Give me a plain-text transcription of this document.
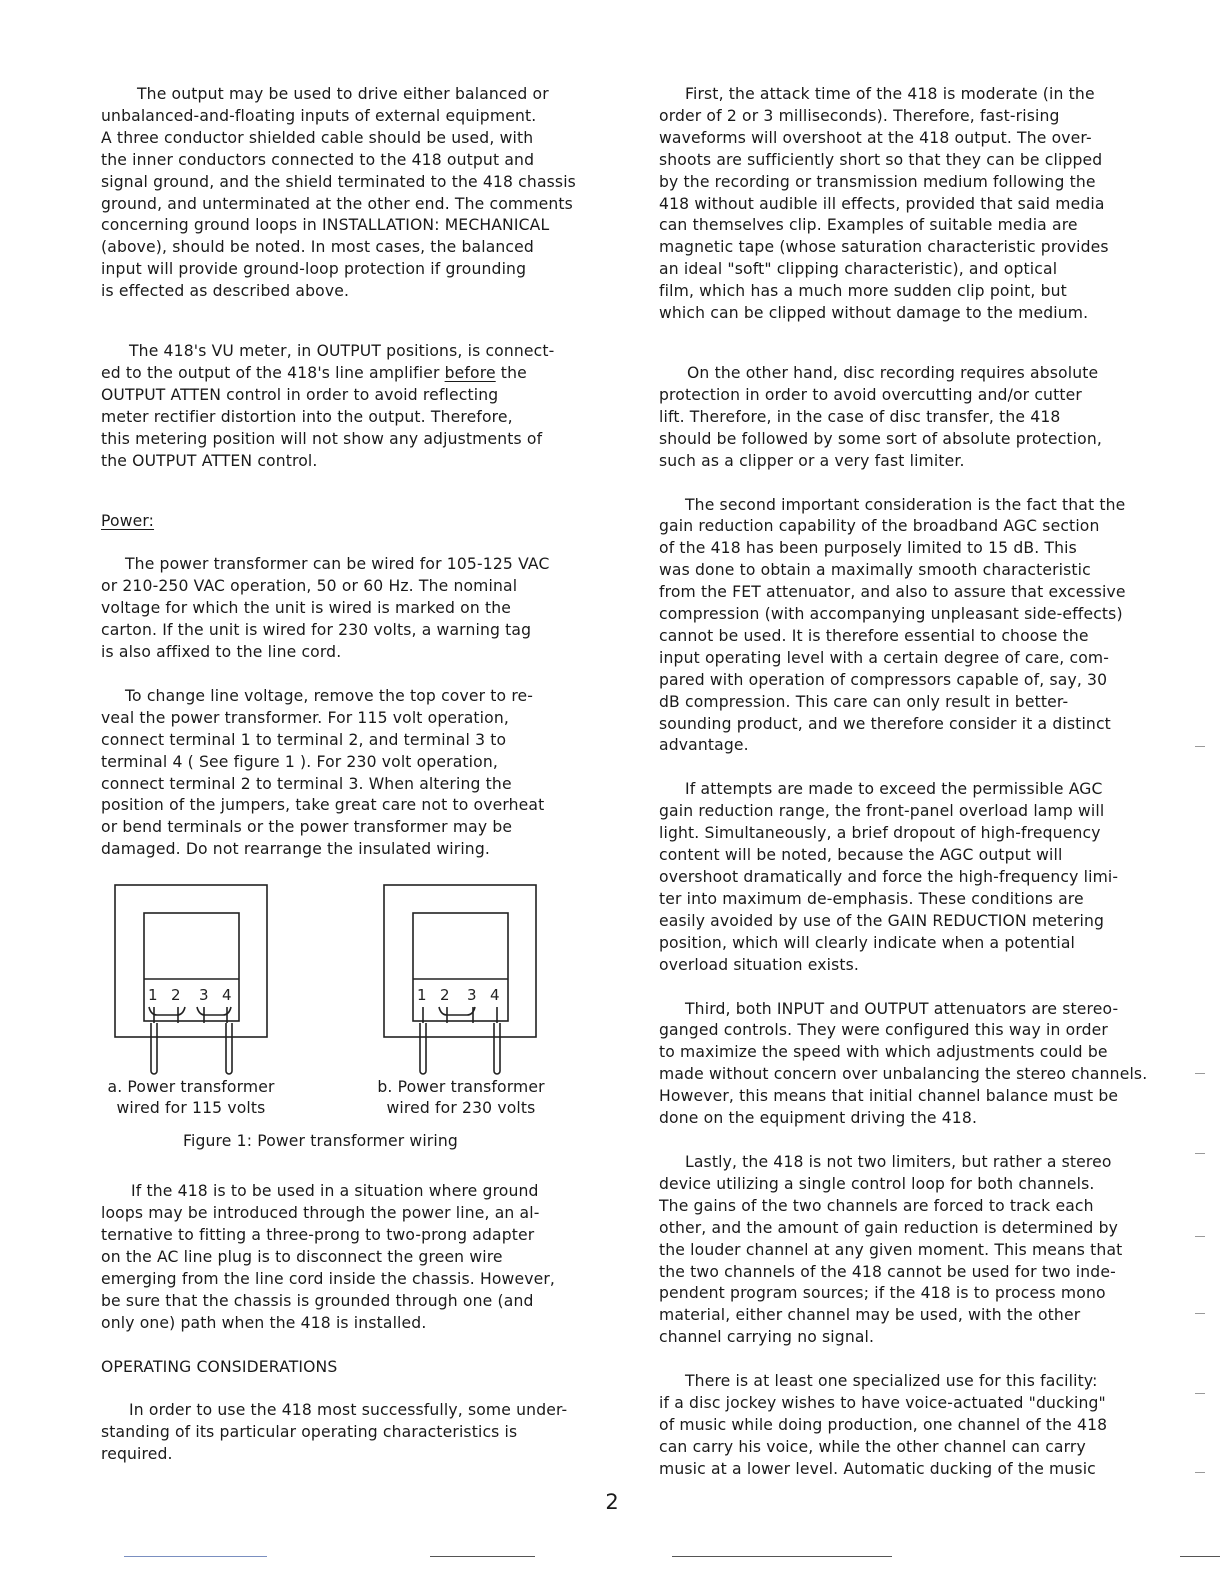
The output may be used to drive either balanced or
unbalanced-and-floating inputs of external equipment.
A three conductor shielded cable should be used, with
the inner conductors connected to the 418 output and
signal ground, and the shield terminated to the 418 chassis
ground, and unterminated at the other end. The comments
concerning ground loops in INSTALLATION: MECHANICAL
(above), should be noted. In most cases, the balanced
input will provide ground-loop protection if grounding
is effected as described above.

The 418's VU meter, in OUTPUT positions, is connect-
ed to the output of the 418's line amplifier before the
OUTPUT ATTEN control in order to avoid reflecting
meter rectifier distortion into the output. Therefore,
this metering position will not show any adjustments of
the OUTPUT ATTEN control.

Power:

The power transformer can be wired for 105-125 VAC
or 210-250 VAC operation, 50 or 60 Hz. The nominal
voltage for which the unit is wired is marked on the
carton. If the unit is wired for 230 volts, a warning tag
is also affixed to the line cord.

To change line voltage, remove the top cover to re-
veal the power transformer. For 115 volt operation,
connect terminal 1 to terminal 2, and terminal 3 to
terminal 4 ( See figure 1 ). For 230 volt operation,
connect terminal 2 to terminal 3. When altering the
position of the jumpers, take great care not to overheat
or bend terminals or the power transformer may be
damaged. Do not rearrange the insulated wiring.

1 2 3 4	1 2 3 4
a. Power transformer
wired for 115 volts
b. Power transformer
wired for 230 volts
Figure 1: Power transformer wiring

If the 418 is to be used in a situation where ground
loops may be introduced through the power line, an al-
ternative to fitting a three-prong to two-prong adapter
on the AC line plug is to disconnect the green wire
emerging from the line cord inside the chassis. However,
be sure that the chassis is grounded through one (and
only one) path when the 418 is installed.

OPERATING CONSIDERATIONS

In order to use the 418 most successfully, some under-
standing of its particular operating characteristics is
required.

First, the attack time of the 418 is moderate (in the
order of 2 or 3 milliseconds). Therefore, fast-rising
waveforms will overshoot at the 418 output. The over-
shoots are sufficiently short so that they can be clipped
by the recording or transmission medium following the
418 without audible ill effects, provided that said media
can themselves clip. Examples of suitable media are
magnetic tape (whose saturation characteristic provides
an ideal "soft" clipping characteristic), and optical
film, which has a much more sudden clip point, but
which can be clipped without damage to the medium.

On the other hand, disc recording requires absolute
protection in order to avoid overcutting and/or cutter
lift. Therefore, in the case of disc transfer, the 418
should be followed by some sort of absolute protection,
such as a clipper or a very fast limiter.

The second important consideration is the fact that the
gain reduction capability of the broadband AGC section
of the 418 has been purposely limited to 15 dB. This
was done to obtain a maximally smooth characteristic
from the FET attenuator, and also to assure that excessive
compression (with accompanying unpleasant side-effects)
cannot be used. It is therefore essential to choose the
input operating level with a certain degree of care, com-
pared with operation of compressors capable of, say, 30
dB compression. This care can only result in better-
sounding product, and we therefore consider it a distinct
advantage.

If attempts are made to exceed the permissible AGC
gain reduction range, the front-panel overload lamp will
light. Simultaneously, a brief dropout of high-frequency
content will be noted, because the AGC output will
overshoot dramatically and force the high-frequency limi-
ter into maximum de-emphasis. These conditions are
easily avoided by use of the GAIN REDUCTION metering
position, which will clearly indicate when a potential
overload situation exists.

Third, both INPUT and OUTPUT attenuators are stereo-
ganged controls. They were configured this way in order
to maximize the speed with which adjustments could be
made without concern over unbalancing the stereo channels.
However, this means that initial channel balance must be
done on the equipment driving the 418.

Lastly, the 418 is not two limiters, but rather a stereo
device utilizing a single control loop for both channels.
The gains of the two channels are forced to track each
other, and the amount of gain reduction is determined by
the louder channel at any given moment. This means that
the two channels of the 418 cannot be used for two inde-
pendent program sources; if the 418 is to process mono
material, either channel may be used, with the other
channel carrying no signal.

There is at least one specialized use for this facility:
if a disc jockey wishes to have voice-actuated "ducking"
of music while doing production, one channel of the 418
can carry his voice, while the other channel can carry
music at a lower level. Automatic ducking of the music

2
